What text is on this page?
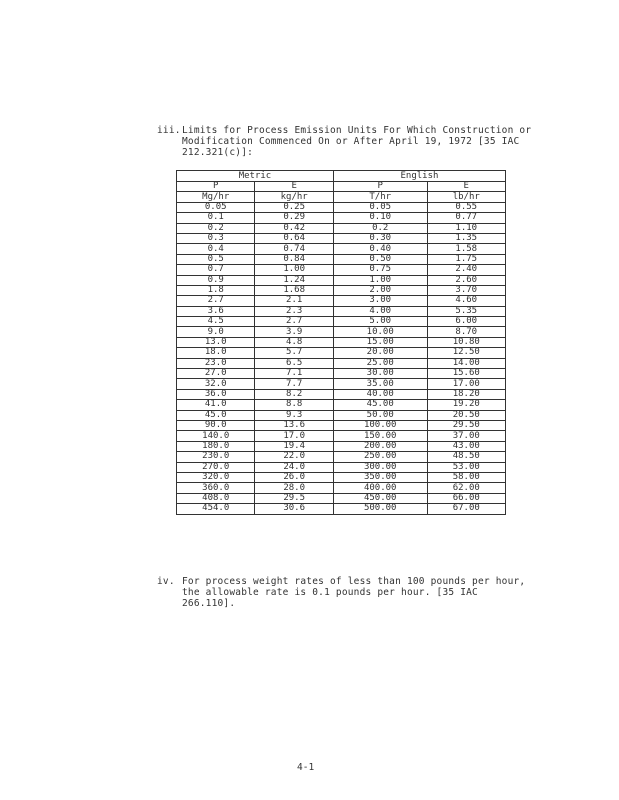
iii. Limits for Process Emission Units For Which Construction or
Modification Commenced On or After April 19, 1972 [35 IAC
212.321(c)]:
Metric		English	
P	E	P	E
Mg/hr	kg/hr	T/hr	lb/hr
0.05	0.25	0.05	0.55
0.1	0.29	0.10	0.77
0.2	0.42	0.2	1.10
0.3	0.64	0.30	1.35
0.4	0.74	0.40	1.58
0.5	0.84	0.50	1.75
0.7	1.00	0.75	2.40
0.9	1.24	1.00	2.60
1.8	1.68	2.00	3.70
2.7	2.1	3.00	4.60
3.6	2.3	4.00	5.35
4.5	2.7	5.00	6.00
9.0	3.9	10.00	8.70
13.0	4.8	15.00	10.80
18.0	5.7	20.00	12.50
23.0	6.5	25.00	14.00
27.0	7.1	30.00	15.60
32.0	7.7	35.00	17.00
36.0	8.2	40.00	18.20
41.0	8.8	45.00	19.20
45.0	9.3	50.00	20.50
90.0	13.6	100.00	29.50
140.0	17.0	150.00	37.00
180.0	19.4	200.00	43.00
230.0	22.0	250.00	48.50
270.0	24.0	300.00	53.00
320.0	26.0	350.00	58.00
360.0	28.0	400.00	62.00
408.0	29.5	450.00	66.00
454.0	30.6	500.00	67.00
iv. For process weight rates of less than 100 pounds per hour,
the allowable rate is 0.1 pounds per hour. [35 IAC
266.110].
4-1
